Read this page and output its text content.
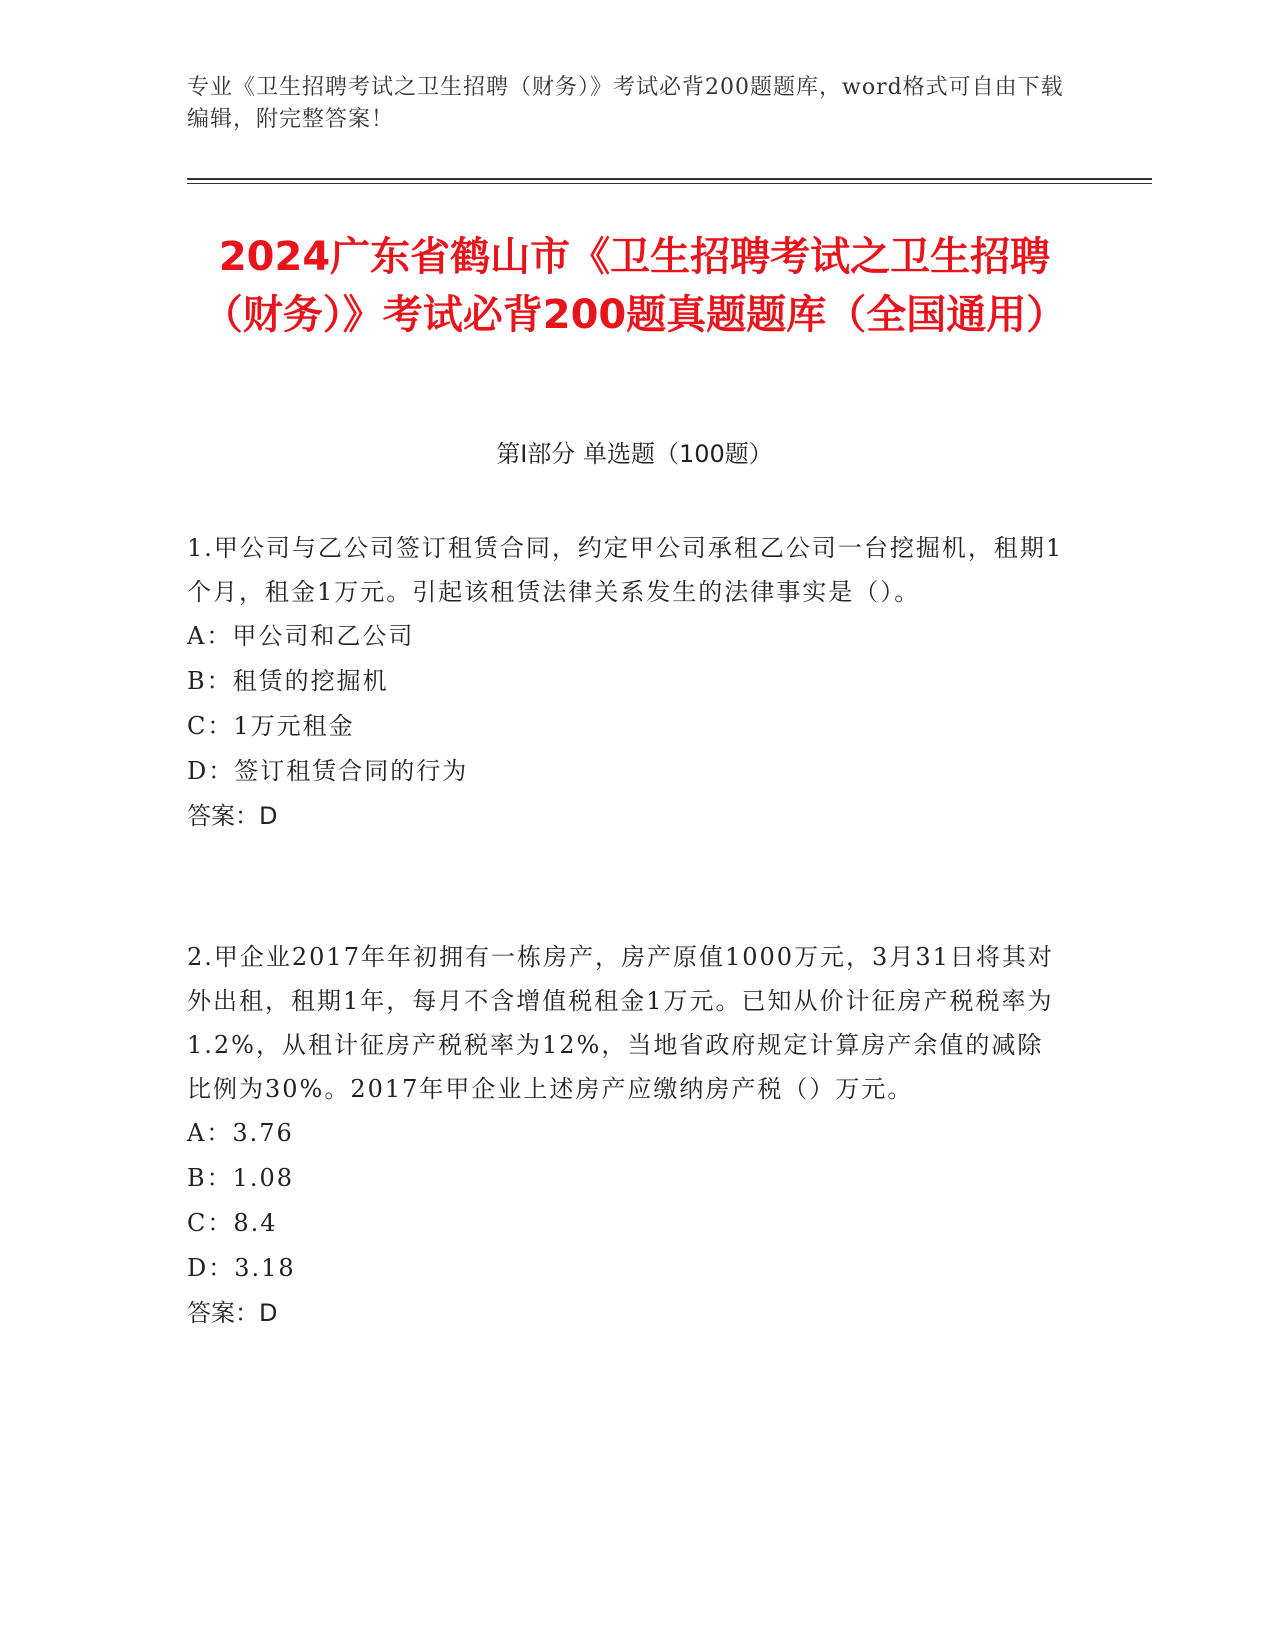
专业《卫生招聘考试之卫生招聘（财务）》考试必背200题题库，word格式可自由下载编辑，附完整答案！
2024广东省鹤山市《卫生招聘考试之卫生招聘（财务）》考试必背200题真题题库（全国通用）
第I部分 单选题（100题）
1.甲公司与乙公司签订租赁合同，约定甲公司承租乙公司一台挖掘机，租期1个月，租金1万元。引起该租赁法律关系发生的法律事实是（）。
A：甲公司和乙公司
B：租赁的挖掘机
C：1万元租金
D：签订租赁合同的行为
答案：D
2.甲企业2017年年初拥有一栋房产，房产原值1000万元，3月31日将其对外出租，租期1年，每月不含增值税租金1万元。已知从价计征房产税税率为1.2%，从租计征房产税税率为12%，当地省政府规定计算房产余值的减除比例为30%。2017年甲企业上述房产应缴纳房产税（）万元。
A：3.76
B：1.08
C：8.4
D：3.18
答案：D
